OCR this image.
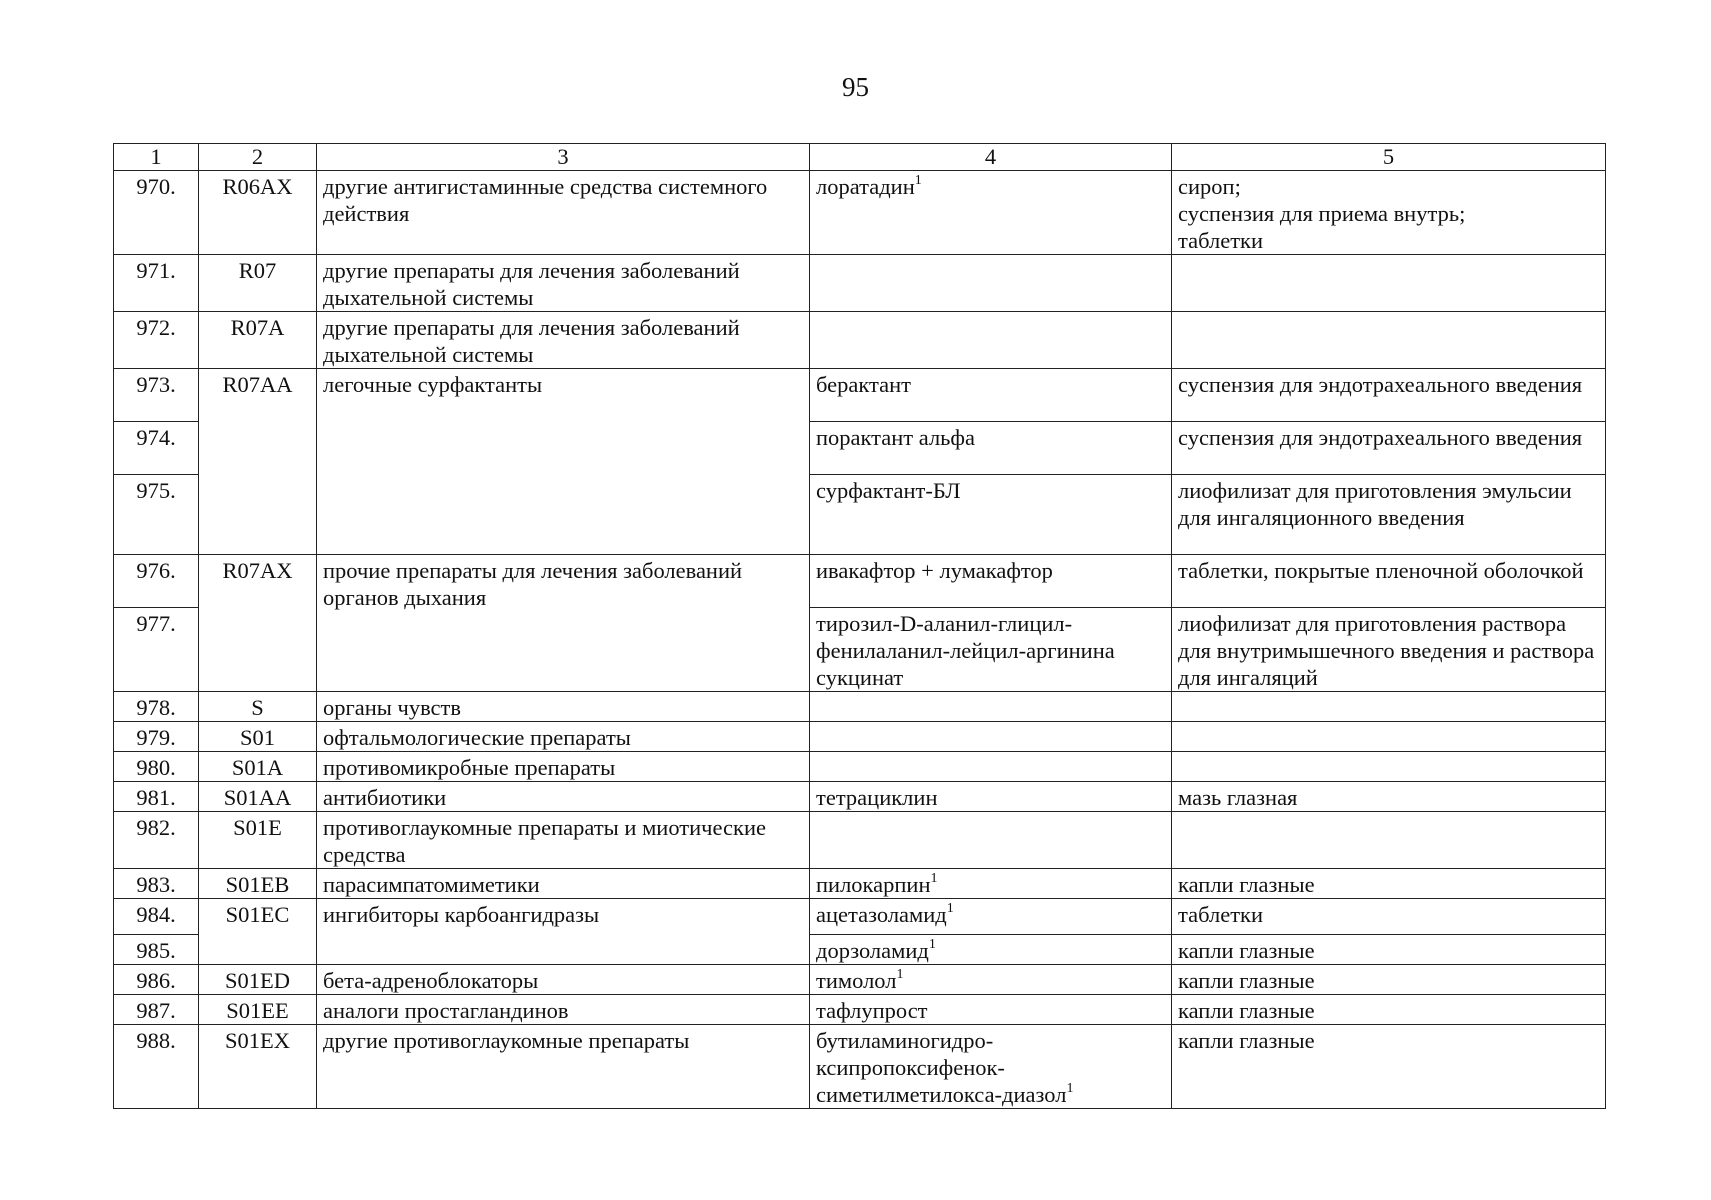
95
1	2	3	4	5
970.	R06AX	другие антигистаминные средства системного действия	лоратадин$^1$	сироп;
суспензия для приема внутрь;
таблетки

971.	R07	другие препараты для лечения заболеваний дыхательной системы		
972.	R07A	другие препараты для лечения заболеваний дыхательной системы		
973.	R07AA	легочные сурфактанты	берактант	суспензия для эндотрахеального введения

974.			порактант альфа	суспензия для эндотрахеального введения

975.			сурфактант-БЛ	лиофилизат для приготовления эмульсии для ингаляционного введения

976.	R07AX	прочие препараты для лечения заболеваний органов дыхания	ивакафтор + лумакафтор	таблетки, покрытые пленочной оболочкой

977.			тирозил-D-аланил-глицил-фенилаланил-лейцил-аргинина сукцинат	лиофилизат для приготовления раствора для внутримышечного введения и раствора для ингаляций

978.	S	органы чувств		
979.	S01	офтальмологические препараты		
980.	S01A	противомикробные препараты		
981.	S01AA	антибиотики	тетрациклин	мазь глазная

982.	S01E	противоглаукомные препараты и миотические средства		
983.	S01EB	парасимпатомиметики	пилокарпин$^1$	капли глазные

984.	S01EC	ингибиторы карбоангидразы	ацетазоламид$^1$	таблетки

985.			дорзоламид$^1$	капли глазные

986.	S01ED	бета-адреноблокаторы	тимолол$^1$	капли глазные

987.	S01EE	аналоги простагландинов	тафлупрост	капли глазные

988.	S01EX	другие противоглаукомные препараты	бутиламиногидро-ксипропоксифенок-симетилметилокса-диазол$^1$	капли глазные
